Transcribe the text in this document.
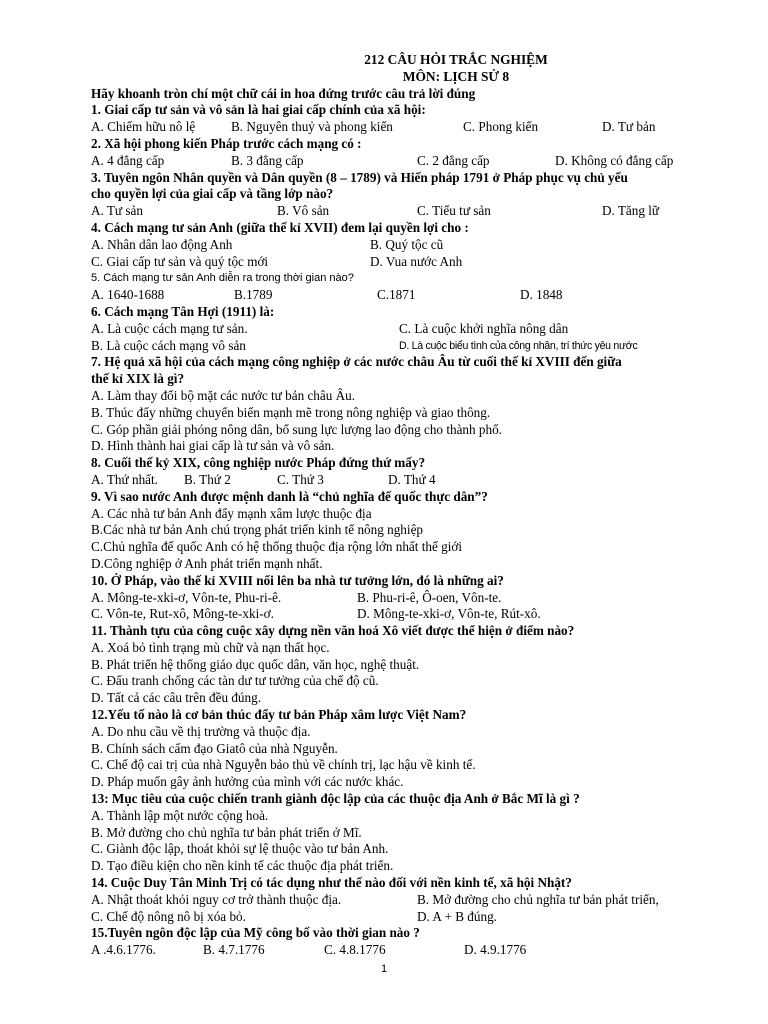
212 CÂU HỎI TRẮC NGHIỆM
MÔN: LỊCH SỬ 8
Hãy khoanh tròn chí một chữ cái in hoa đứng trước câu trả lời đúng
1. Giai cấp tư sản và vô sản là hai giai cấp chính của xã hội:
A. Chiếm hữu nô lệ	B. Nguyên thuỷ và phong kiến	C. Phong kiến	D. Tư bản
2. Xã hội phong kiến Pháp trước cách mạng có :
A. 4 đẳng cấp	B. 3 đẳng cấp	C. 2 đẳng cấp	D. Không có đẳng cấp
3. Tuyên ngôn Nhân quyền và Dân quyền (8 – 1789) và Hiến pháp 1791 ở Pháp phục vụ chủ yếu
cho quyền lợi của giai cấp và tầng lớp nào?
A. Tư sản	B. Vô sản	C. Tiểu tư sản	D. Tăng lữ
4. Cách mạng tư sản Anh (giữa thế kỉ XVII) đem lại quyền lợi cho :
A. Nhân dân lao động Anh	B. Quý tộc cũ
C. Giai cấp tư sản và quý tộc mới	D. Vua nước Anh
5. Cách mạng tư sản Anh diễn ra trong thời gian nào?
A. 1640-1688	B.1789	C.1871	D. 1848
6. Cách mạng Tân Hợi (1911) là:
A. Là cuộc cách mạng tư sản.	C. Là cuộc khởi nghĩa nông dân
B. Là cuộc cách mạng vô sản	D. Là cuộc biểu tình của công nhân, trí thức yêu nước
7. Hệ quả xã hội của cách mạng công nghiệp ở các nước châu Âu từ cuối thế kỉ XVIII đến giữa
thế kỉ XIX là gì?
A. Làm thay đổi bộ mặt các nước tư bản châu Âu.
B. Thúc đẩy những chuyển biến mạnh mẽ trong nông nghiệp và giao thông.
C. Góp phần giải phóng nông dân, bổ sung lực lượng lao động cho thành phố.
D. Hình thành hai giai cấp là tư sản và vô sản.
8. Cuối thế kỷ XIX, công nghiệp nước Pháp đứng thứ mấy?
A. Thứ nhất. B. Thứ 2	C. Thứ 3	D. Thứ 4
9. Vì sao nước Anh được mệnh danh là “chủ nghĩa đế quốc thực dân”?
A. Các nhà tư bản Anh đẩy mạnh xâm lược thuộc địa
B.Các nhà tư bản Anh chú trọng phát triển kinh tế nông nghiệp
C.Chủ nghĩa đế quốc Anh có hệ thống thuộc địa rộng lớn nhất thế giới
D.Công nghiệp ở Anh phát triển mạnh nhất.
10. Ở Pháp, vào thế kỉ XVIII nổi lên ba nhà tư tưởng lớn, đó là những ai?
A. Mông-te-xki-ơ, Vôn-te, Phu-ri-ê.	B. Phu-ri-ê, Ô-oen, Vôn-te.
C. Vôn-te, Rut-xô, Mông-te-xki-ơ.	D. Mông-te-xki-ơ, Vôn-te, Rút-xô.
11. Thành tựu của công cuộc xây dựng nền văn hoá Xô viết được thể hiện ở điểm nào?
A. Xoá bỏ tình trạng mù chữ và nạn thất học.
B. Phát triển hệ thống giáo dục quốc dân, văn học, nghệ thuật.
C. Đấu tranh chống các tàn dư tư tưởng của chế độ cũ.
D. Tất cả các câu trên đều đúng.
12.Yếu tố nào là cơ bản thúc đẩy tư bản Pháp xâm lược Việt Nam?
A. Do nhu cầu về thị trường và thuộc địa.
B. Chính sách cấm đạo Giatô của nhà Nguyễn.
C. Chế độ cai trị của nhà Nguyễn bảo thủ về chính trị, lạc hậu về kinh tế.
D. Pháp muốn gây ảnh hưởng của mình với các nước khác.
13: Mục tiêu của cuộc chiến tranh giành độc lập của các thuộc địa Anh ở Bắc Mĩ là gì ?
A. Thành lập một nước cộng hoà.
B. Mở đường cho chủ nghĩa tư bản phát triển ở Mĩ.
C. Giành độc lập, thoát khỏi sự lệ thuộc vào tư bản Anh.
D. Tạo điều kiện cho nền kinh tế các thuộc địa phát triển.
14. Cuộc Duy Tân Minh Trị có tác dụng như thế nào đối với nền kinh tế, xã hội Nhật?
A. Nhật thoát khỏi nguy cơ trở thành thuộc địa.	B. Mở đường cho chủ nghĩa tư bản phát triển,
C. Chế độ nông nô bị xóa bỏ.	D. A + B đúng.
15.Tuyên ngôn độc lập của Mỹ công bố vào thời gian nào ?
A .4.6.1776.	B. 4.7.1776	C. 4.8.1776	D. 4.9.1776
1
